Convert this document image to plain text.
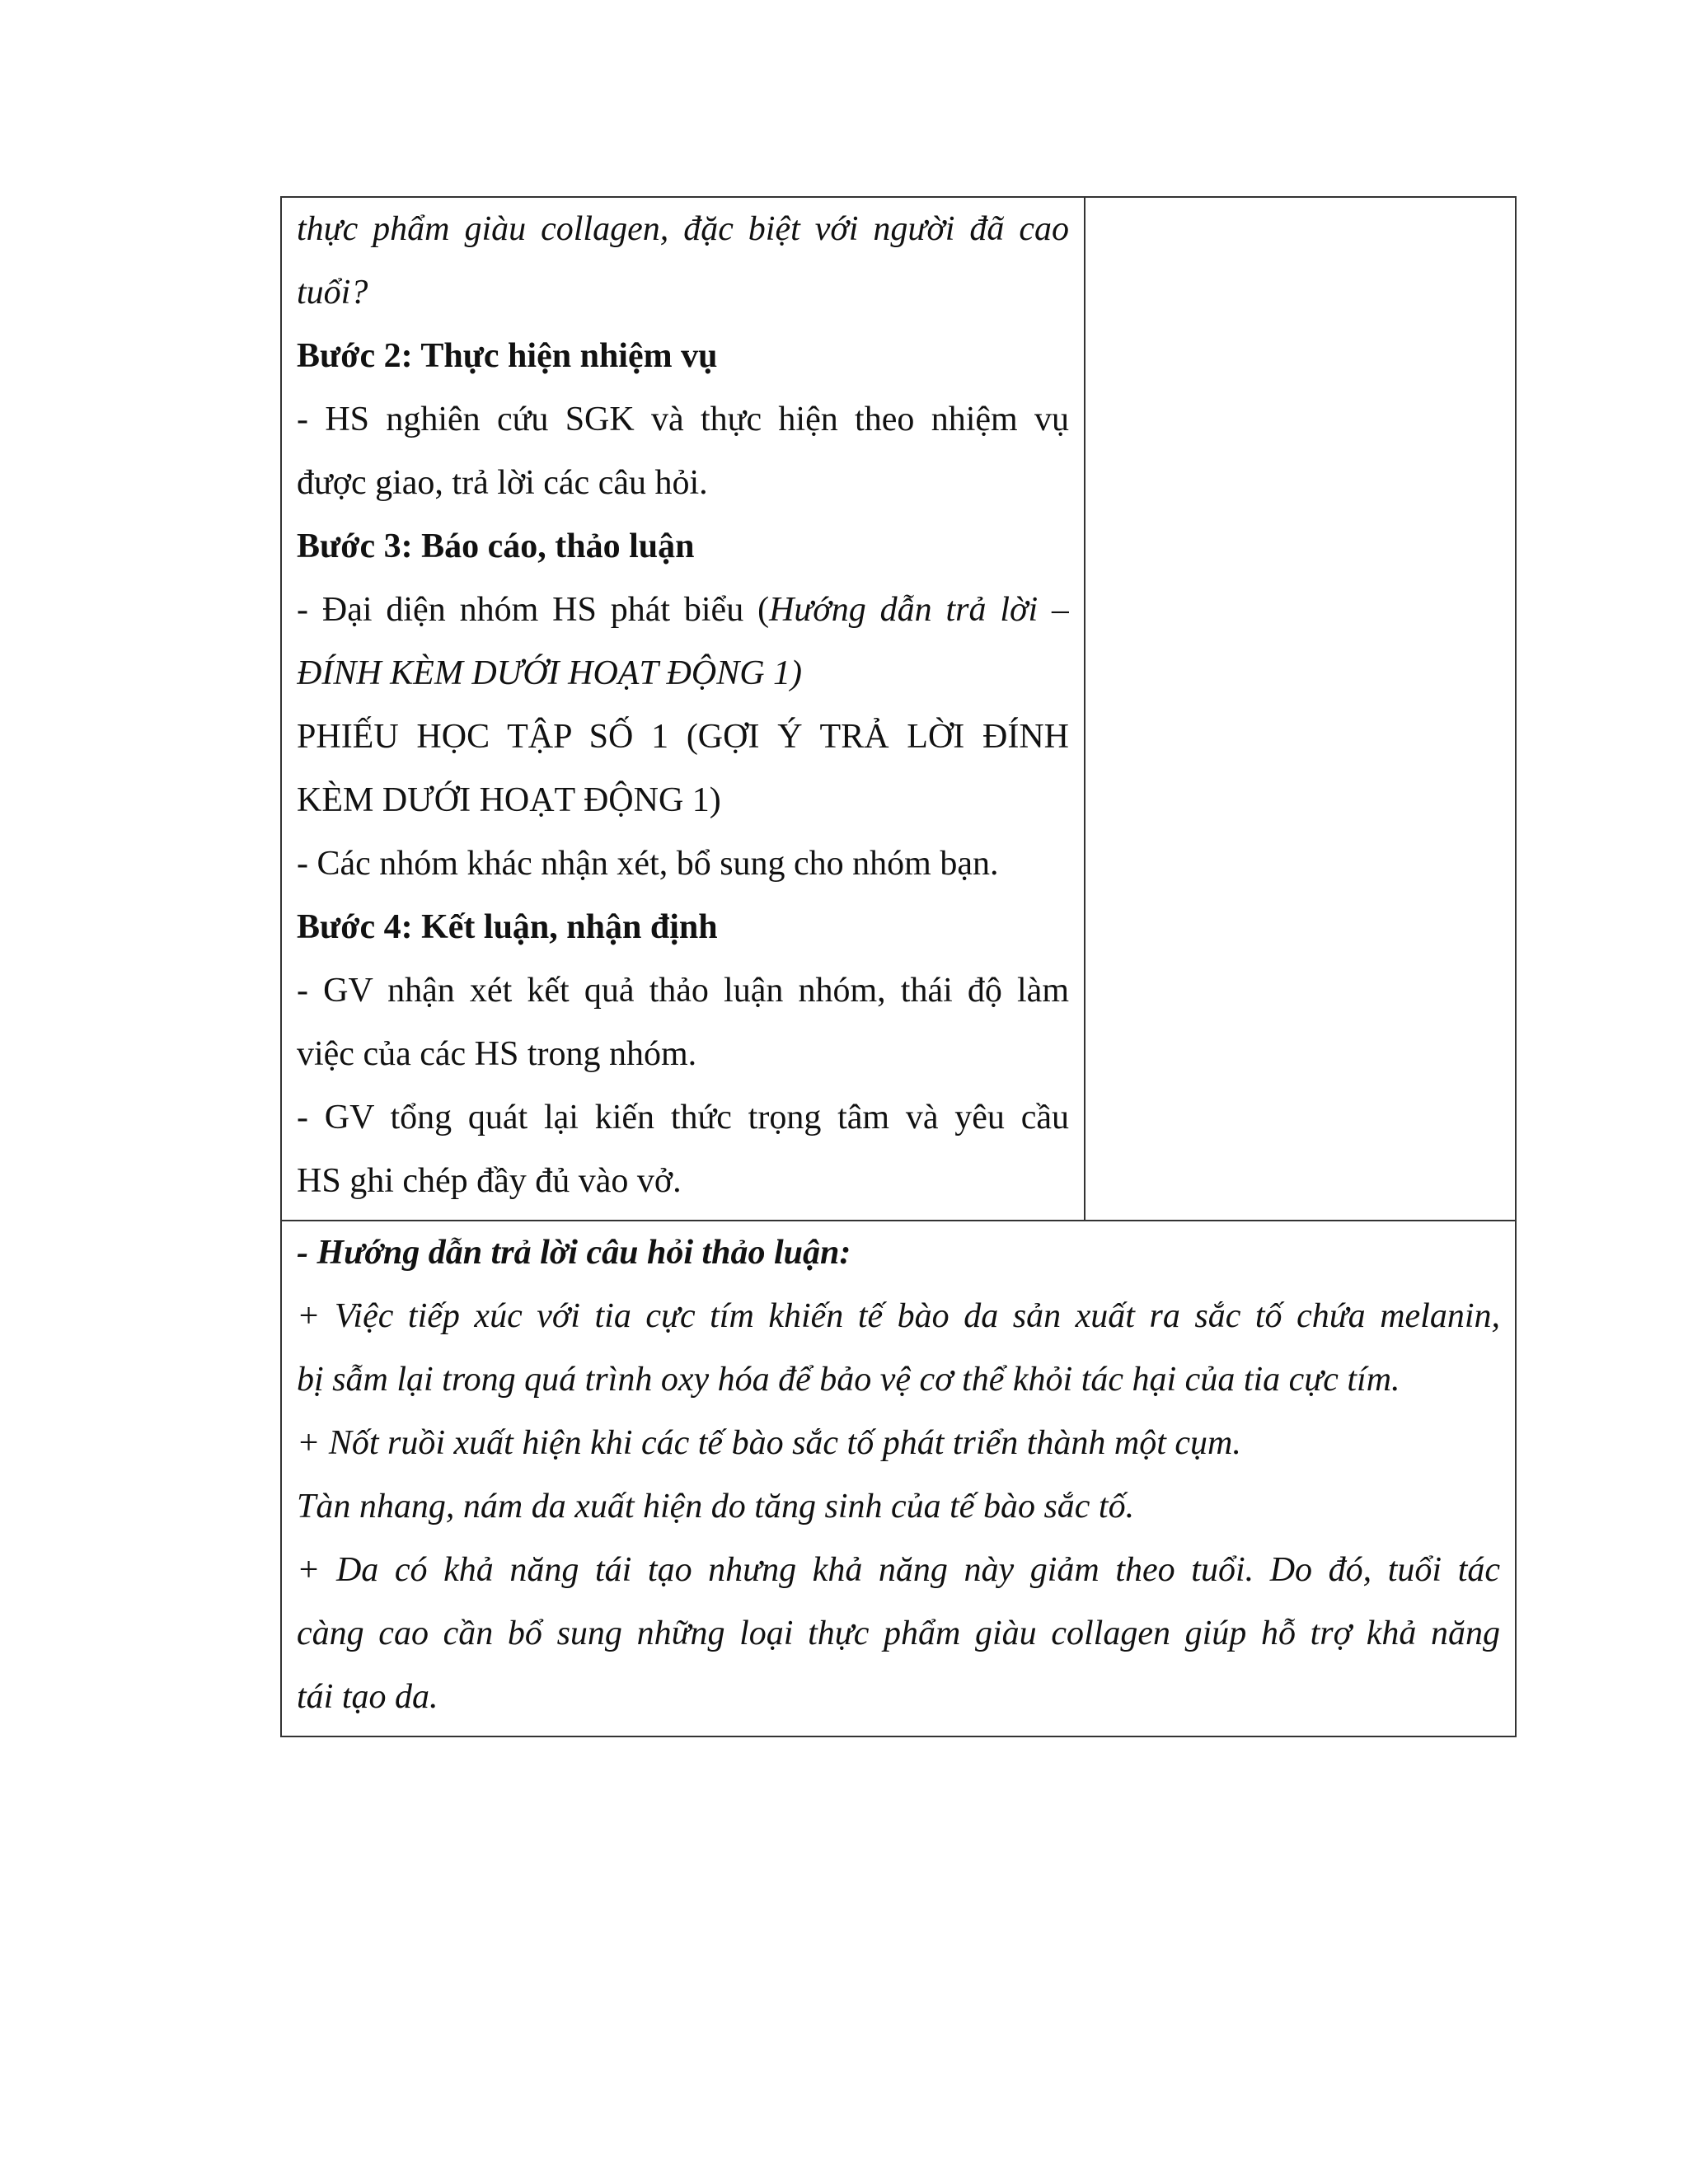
thực phẩm giàu collagen, đặc biệt với người đã cao
tuổi?
Bước 2: Thực hiện nhiệm vụ
- HS nghiên cứu SGK và thực hiện theo nhiệm vụ
được giao, trả lời các câu hỏi.
Bước 3: Báo cáo, thảo luận
- Đại diện nhóm HS phát biểu (Hướng dẫn trả lời –
ĐÍNH KÈM DƯỚI HOẠT ĐỘNG 1)
PHIẾU HỌC TẬP SỐ 1 (GỢI Ý TRẢ LỜI ĐÍNH
KÈM DƯỚI HOẠT ĐỘNG 1)
- Các nhóm khác nhận xét, bổ sung cho nhóm bạn.
Bước 4: Kết luận, nhận định
- GV nhận xét kết quả thảo luận nhóm, thái độ làm
việc của các HS trong nhóm.
- GV tổng quát lại kiến thức trọng tâm và yêu cầu
HS ghi chép đầy đủ vào vở.
- Hướng dẫn trả lời câu hỏi thảo luận:
+ Việc tiếp xúc với tia cực tím khiến tế bào da sản xuất ra sắc tố chứa melanin,
bị sẫm lại trong quá trình oxy hóa để bảo vệ cơ thể khỏi tác hại của tia cực tím.
+ Nốt ruồi xuất hiện khi các tế bào sắc tố phát triển thành một cụm.
Tàn nhang, nám da xuất hiện do tăng sinh của tế bào sắc tố.
+ Da có khả năng tái tạo nhưng khả năng này giảm theo tuổi. Do đó, tuổi tác
càng cao cần bổ sung những loại thực phẩm giàu collagen giúp hỗ trợ khả năng
tái tạo da.
